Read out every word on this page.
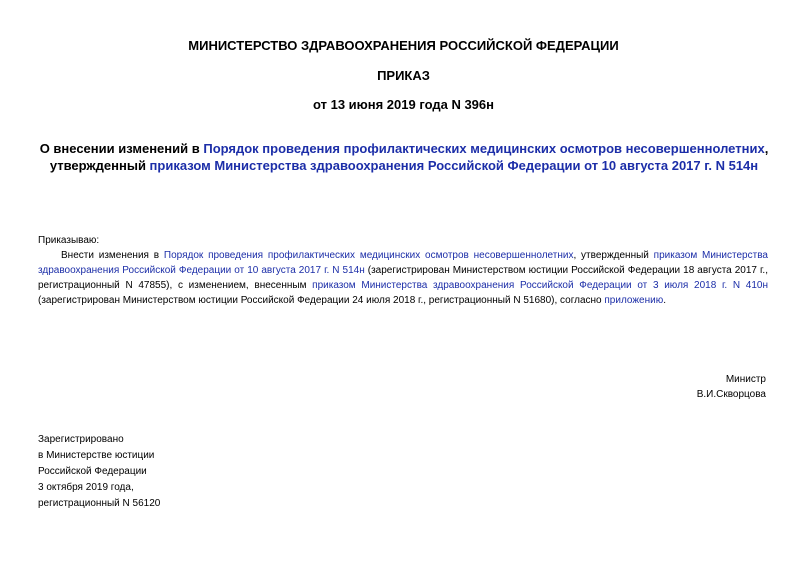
МИНИСТЕРСТВО ЗДРАВООХРАНЕНИЯ РОССИЙСКОЙ ФЕДЕРАЦИИ
ПРИКАЗ
от 13 июня 2019 года N 396н
О внесении изменений в Порядок проведения профилактических медицинских осмотров несовершеннолетних, утвержденный приказом Министерства здравоохранения Российской Федерации от 10 августа 2017 г. N 514н
Приказываю:
Внести изменения в Порядок проведения профилактических медицинских осмотров несовершеннолетних, утвержденный приказом Министерства здравоохранения Российской Федерации от 10 августа 2017 г. N 514н (зарегистрирован Министерством юстиции Российской Федерации 18 августа 2017 г., регистрационный N 47855), с изменением, внесенным приказом Министерства здравоохранения Российской Федерации от 3 июля 2018 г. N 410н (зарегистрирован Министерством юстиции Российской Федерации 24 июля 2018 г., регистрационный N 51680), согласно приложению.
Министр
В.И.Скворцова
Зарегистрировано
в Министерстве юстиции
Российской Федерации
3 октября 2019 года,
регистрационный N 56120
